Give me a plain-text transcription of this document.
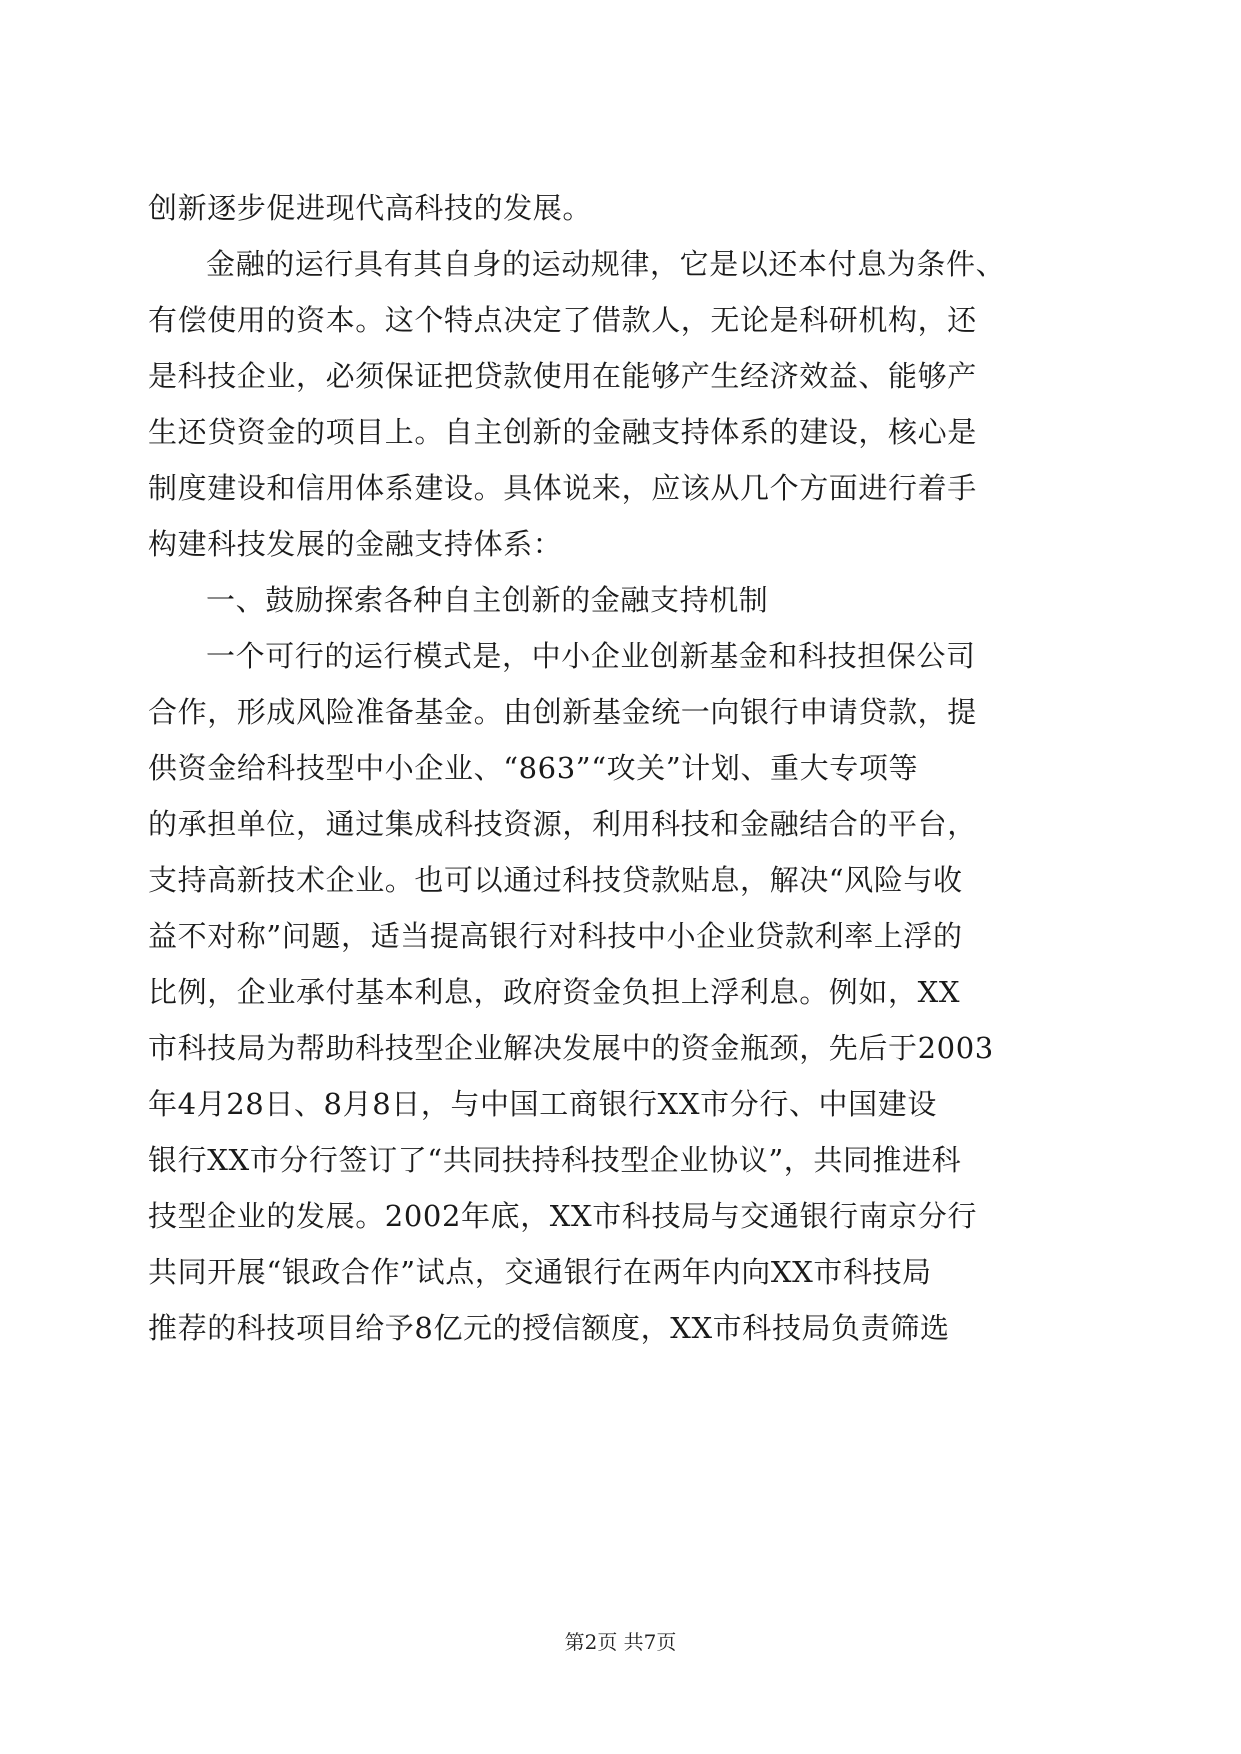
创新逐步促进现代高科技的发展。
金融的运行具有其自身的运动规律，它是以还本付息为条件、
有偿使用的资本。这个特点决定了借款人，无论是科研机构，还
是科技企业，必须保证把贷款使用在能够产生经济效益、能够产
生还贷资金的项目上。自主创新的金融支持体系的建设，核心是
制度建设和信用体系建设。具体说来，应该从几个方面进行着手
构建科技发展的金融支持体系：
一、鼓励探索各种自主创新的金融支持机制
一个可行的运行模式是，中小企业创新基金和科技担保公司
合作，形成风险准备基金。由创新基金统一向银行申请贷款，提
供资金给科技型中小企业、“863”“攻关”计划、重大专项等
的承担单位，通过集成科技资源，利用科技和金融结合的平台，
支持高新技术企业。也可以通过科技贷款贴息，解决“风险与收
益不对称”问题，适当提高银行对科技中小企业贷款利率上浮的
比例，企业承付基本利息，政府资金负担上浮利息。例如，XX
市科技局为帮助科技型企业解决发展中的资金瓶颈，先后于2003
年4月28日、8月8日，与中国工商银行XX市分行、中国建设
银行XX市分行签订了“共同扶持科技型企业协议”，共同推进科
技型企业的发展。2002年底，XX市科技局与交通银行南京分行
共同开展“银政合作”试点，交通银行在两年内向XX市科技局
推荐的科技项目给予8亿元的授信额度，XX市科技局负责筛选
第2页 共7页
